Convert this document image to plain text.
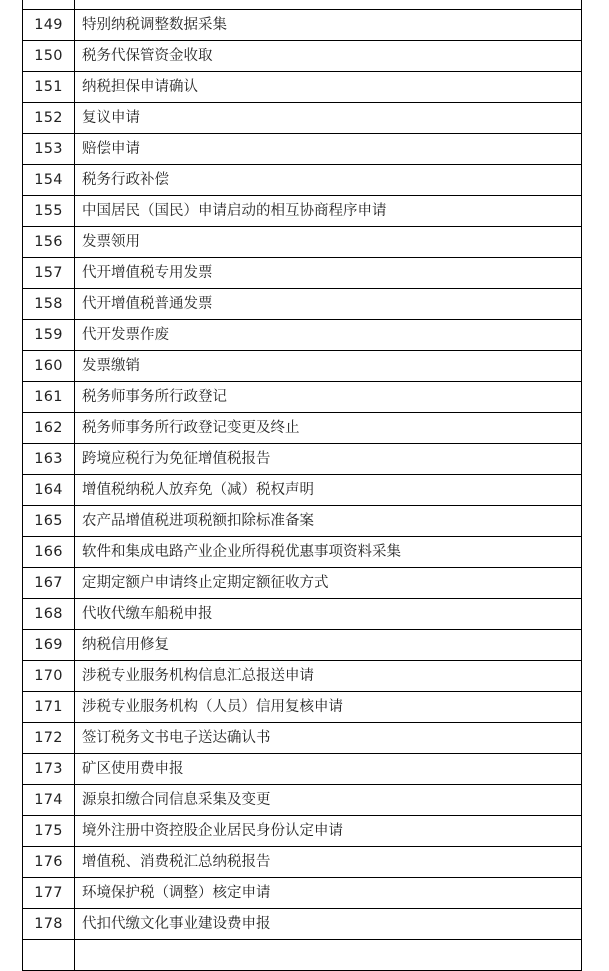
149	特别纳税调整数据采集
150	税务代保管资金收取
151	纳税担保申请确认
152	复议申请
153	赔偿申请
154	税务行政补偿
155	中国居民（国民）申请启动的相互协商程序申请
156	发票领用
157	代开增值税专用发票
158	代开增值税普通发票
159	代开发票作废
160	发票缴销
161	税务师事务所行政登记
162	税务师事务所行政登记变更及终止
163	跨境应税行为免征增值税报告
164	增值税纳税人放弃免（减）税权声明
165	农产品增值税进项税额扣除标准备案
166	软件和集成电路产业企业所得税优惠事项资料采集
167	定期定额户申请终止定期定额征收方式
168	代收代缴车船税申报
169	纳税信用修复
170	涉税专业服务机构信息汇总报送申请
171	涉税专业服务机构（人员）信用复核申请
172	签订税务文书电子送达确认书
173	矿区使用费申报
174	源泉扣缴合同信息采集及变更
175	境外注册中资控股企业居民身份认定申请
176	增值税、消费税汇总纳税报告
177	环境保护税（调整）核定申请
178	代扣代缴文化事业建设费申报
